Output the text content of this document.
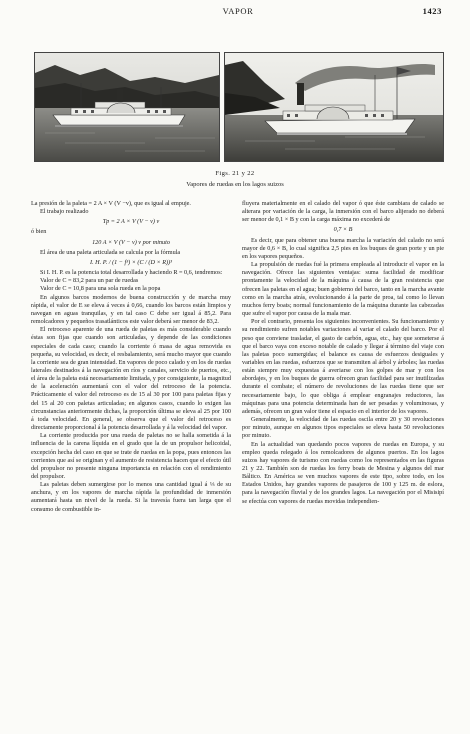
VAPOR	1423
Figs. 21 y 22
Vapores de ruedas en los lagos suizos

La presión de la paleta = 2 A × V (V −v), que es igual al empuje.

El trabajo realizado

Tp = 2 A × V (V − v) v

ó bien

120 A × V (V − v) v por minuto

El área de una paleta articulada se calcula por la fórmula

I. H. P. / (1 − f³) × (C / (D × R))³

Si I. H. P. es la potencia total desarrollada y haciendo R = 0,6, tendremos:

Valor de C = 83,2 para un par de ruedas

Valor de C = 10,8 para una sola rueda en la popa

En algunos barcos modernos de buena construcción y de marcha muy rápida, el valor de E se eleva á veces á 0,66, cuando los barcos están limpios y navegan en aguas tranquilas, y en tal caso C debe ser igual á 85,2. Para remolcadores y pequeños trasatlánticos este valor deberá ser menor de 83,2.

El retroceso aparente de una rueda de paletas es más considerable cuando éstas son fijas que cuando son articuladas, y depende de las condiciones especiales de cada caso; cuando la corriente ó masa de agua removida es pequeña, su velocidad, es decir, el resbalamiento, será mucho mayor que cuando la corriente sea de gran intensidad. En vapores de poco calado y en los de ruedas laterales destinados á la navegación en ríos y canales, servicio de puertos, etc., el área de la paleta está necesariamente limitada, y por consiguiente, la magnitud de la aceleración aumentará con el valor del retroceso de la potencia. Prácticamente el valor del retroceso es de 15 al 30 por 100 para paletas fijas y del 15 al 20 con paletas articuladas; en algunos casos, cuando lo exigen las circunstancias anteriormente dichas, la proporción última se eleva al 25 por 100 á toda velocidad. En general, se observa que el valor del retroceso es directamente proporcional á la potencia desarrollada y á la velocidad del vapor.

La corriente producida por una rueda de paletas no se halla sometida á la influencia de la carena líquida en el grado que la de un propulsor helicoidal, excepción hecha del caso en que se trate de ruedas en la popa, pues entonces las corrientes que así se originan y el aumento de resistencia hacen que el efecto útil del propulsor no presente ninguna importancia en relación con el rendimiento del propulsor.

Las paletas deben sumergirse por lo menos una cantidad igual á ⅓ de su anchura, y en los vapores de marcha rápida la profundidad de inmersión aumentará hasta un nivel de la rueda. Si la travesía fuera tan larga que el consumo de combustible in-

fluyera materialmente en el calado del vapor ó que éste cambiara de calado se alterara por variación de la carga, la inmersión con el barco alijerado no deberá ser menor de 0,1 × B y con la carga máxima no excederá de

0,7 × B

Es decir, que para obtener una buena marcha la variación del calado no será mayor de 0,6 × B, lo cual significa 2,5 pies en los buques de gran porte y un pie en los vapores pequeños.

La propulsión de ruedas fué la primera empleada al introducir el vapor en la navegación. Ofrece las siguientes ventajas: suma facilidad de modificar prontamente la velocidad de la máquina á causa de la gran resistencia que ofrecen las paletas en el agua; buen gobierno del barco, tanto en la marcha avante como en la marcha atrás, evolucionando á la parte de proa, tal como lo llevan muchos ferry boats; normal funcionamiento de la máquina durante las cabezadas que sufre el vapor por causa de la mala mar.

Por el contrario, presenta los siguientes inconvenientes. Su funcionamiento y su rendimiento sufren notables variaciones al variar el calado del barco. Por el peso que conviene trasladar, el gasto de carbón, agua, etc., hay que someterse á que el barco vaya con exceso notable de calado y llegar á término del viaje con las paletas poco sumergidas; el balance es causa de esfuerzos desiguales y variables en las ruedas, esfuerzos que se transmiten al árbol y árboles; las ruedas están siempre muy expuestas á averiarse con los golpes de mar y con los abordajes, y en los buques de guerra ofrecen gran facilidad para ser inutilizadas durante el combate; el número de revoluciones de las ruedas tiene que ser necesariamente bajo, lo que obliga á emplear engranajes reductores, las máquinas para una potencia determinada han de ser pesadas y voluminosas, y además, ofrecen un gran valor tiene el espacio en el interior de los vapores.

Generalmente, la velocidad de las ruedas oscila entre 20 y 30 revoluciones por minuto, aunque en algunos tipos especiales se eleva hasta 50 revoluciones por minuto.

En la actualidad van quedando pocos vapores de ruedas en Europa, y su empleo queda relegado á los remolcadores de algunos puertos. En los lagos suizos hay vapores de turismo con ruedas como los representados en las figuras 21 y 22. También son de ruedas los ferry boats de Mesina y algunos del mar Báltico. En América se ven muchos vapores de este tipo, sobre todo, en los Estados Unidos, hay grandes vapores de pasajeros de 100 y 125 m. de eslora, para la navegación fluvial y de los grandes lagos. La navegación por el Misisipí se efectúa con vapores de ruedas movidas independien-
